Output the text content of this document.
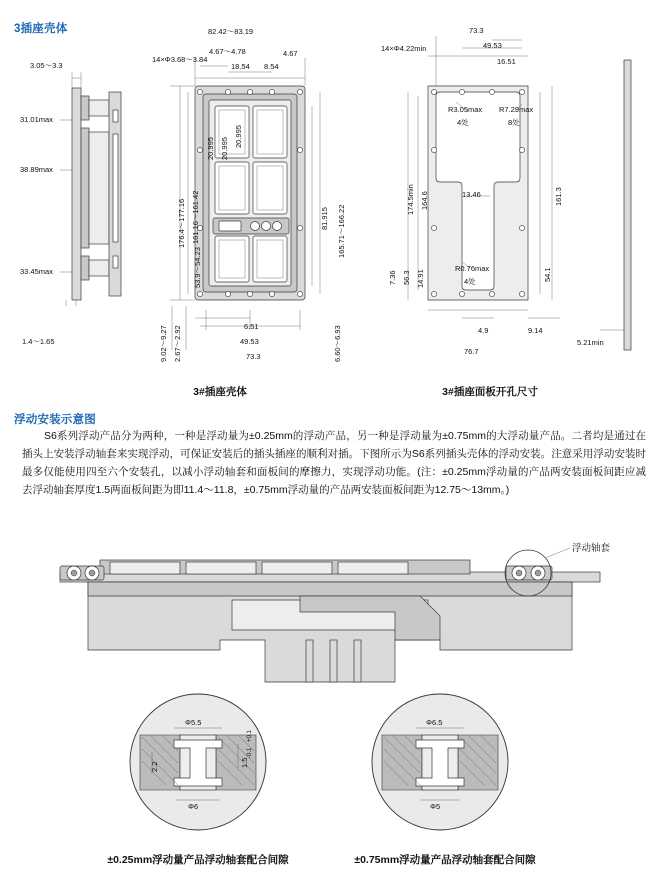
3插座壳体
浮动安装示意图
3.05～3.3
31.01max
38.89max
33.45max
1.4～1.65
82.42～83.19
4.67～4.78
18.54 8.54
4.67
14×Φ3.68～3.84
20.995 20.995
20.995
176.4～177.16 161.16～161.42	81.915 165.71～166.22
53.9～54.23
9.02～9.27 2.67～2.92	6.51
49.53
73.3	6.60～6.93
73.3
49.53
16.51
14×Φ4.22min
R3.05max
4处
R7.29max
8处
13.46	161.3
174.5min 164.6
7.36 56.3 14.91
R0.76max
4处	54.1
4.9	9.14
5.21min
76.7
浮动轴套
Φ5.5
Φ6
2.2	1.5
+0.1
-0.1
Φ6.5
Φ5
3#插座壳体	3#插座面板开孔尺寸
±0.25mm浮动量产品浮动轴套配合间隙	±0.75mm浮动量产品浮动轴套配合间隙

S6系列浮动产品分为两种，一种是浮动量为±0.25mm的浮动产品，另一种是浮动量为±0.75mm的大浮动量产品。二者均是通过在插头上安装浮动轴套来实现浮动，可保证安装后的插头插座的顺利对插。下图所示为S6系列插头壳体的浮动安装。注意采用浮动安装时最多仅能使用四至六个安装孔，以减小浮动轴套和面板间的摩擦力，实现浮动功能。(注：±0.25mm浮动量的产品两安装面板间距应减去浮动轴套厚度1.5两面板间距为即11.4～11.8，±0.75mm浮动量的产品两安装面板间距为12.75～13mm。)
